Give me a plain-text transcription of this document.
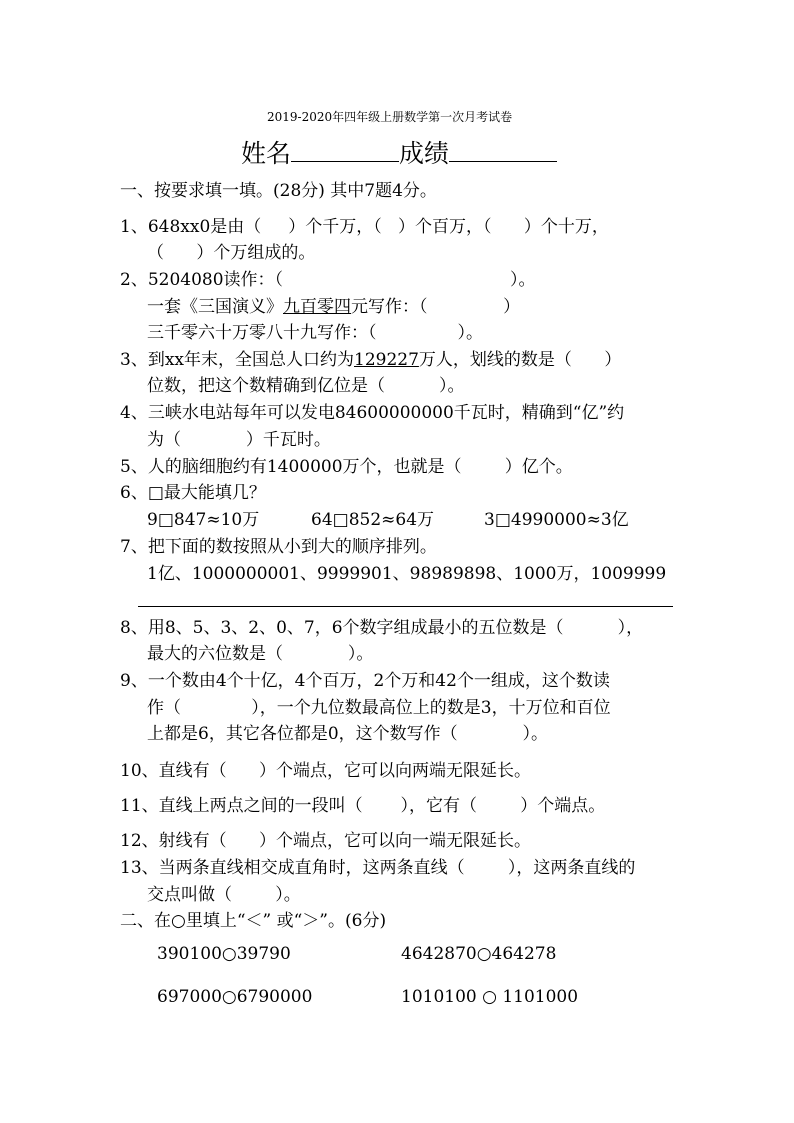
2019-2020年四年级上册数学第一次月考试卷
姓名	成绩
一、按要求填一填。(28分) 其中7题4分。
1、648xx0是由（     ）个千万，（   ）个百万，（      ）个十万，
（      ）个万组成的。
2、5204080读作：（                                          ）。
一套《三国演义》九百零四元写作：（              ）
三千零六十万零八十九写作：（               ）。
3、到xx年末，全国总人口约为129227万人，划线的数是（      ）
位数，把这个数精确到亿位是（          ）。
4、三峡水电站每年可以发电84600000000千瓦时，精确到“亿”约
为（            ）千瓦时。
5、人的脑细胞约有1400000万个，也就是（        ）亿个。
6、□最大能填几？
9□847≈10万	64□852≈64万	3□4990000≈3亿
7、把下面的数按照从小到大的顺序排列。
1亿、1000000001、9999901、98989898、1000万，1009999
8、用8、5、3、2、0、7，6个数字组成最小的五位数是（          ），
最大的六位数是（            ）。
9、一个数由4个十亿，4个百万，2个万和42个一组成，这个数读
作（             ），一个九位数最高位上的数是3，十万位和百位
上都是6，其它各位都是0，这个数写作（            ）。
10、直线有（      ）个端点，它可以向两端无限延长。
11、直线上两点之间的一段叫（       ），它有（        ）个端点。
12、射线有（      ）个端点，它可以向一端无限延长。
13、当两条直线相交成直角时，这两条直线（        ），这两条直线的
交点叫做（        ）。
二、在○里填上“＜” 或“＞”。(6分)
390100○39790	4642870○464278
697000○6790000	1010100 ○ 1101000
